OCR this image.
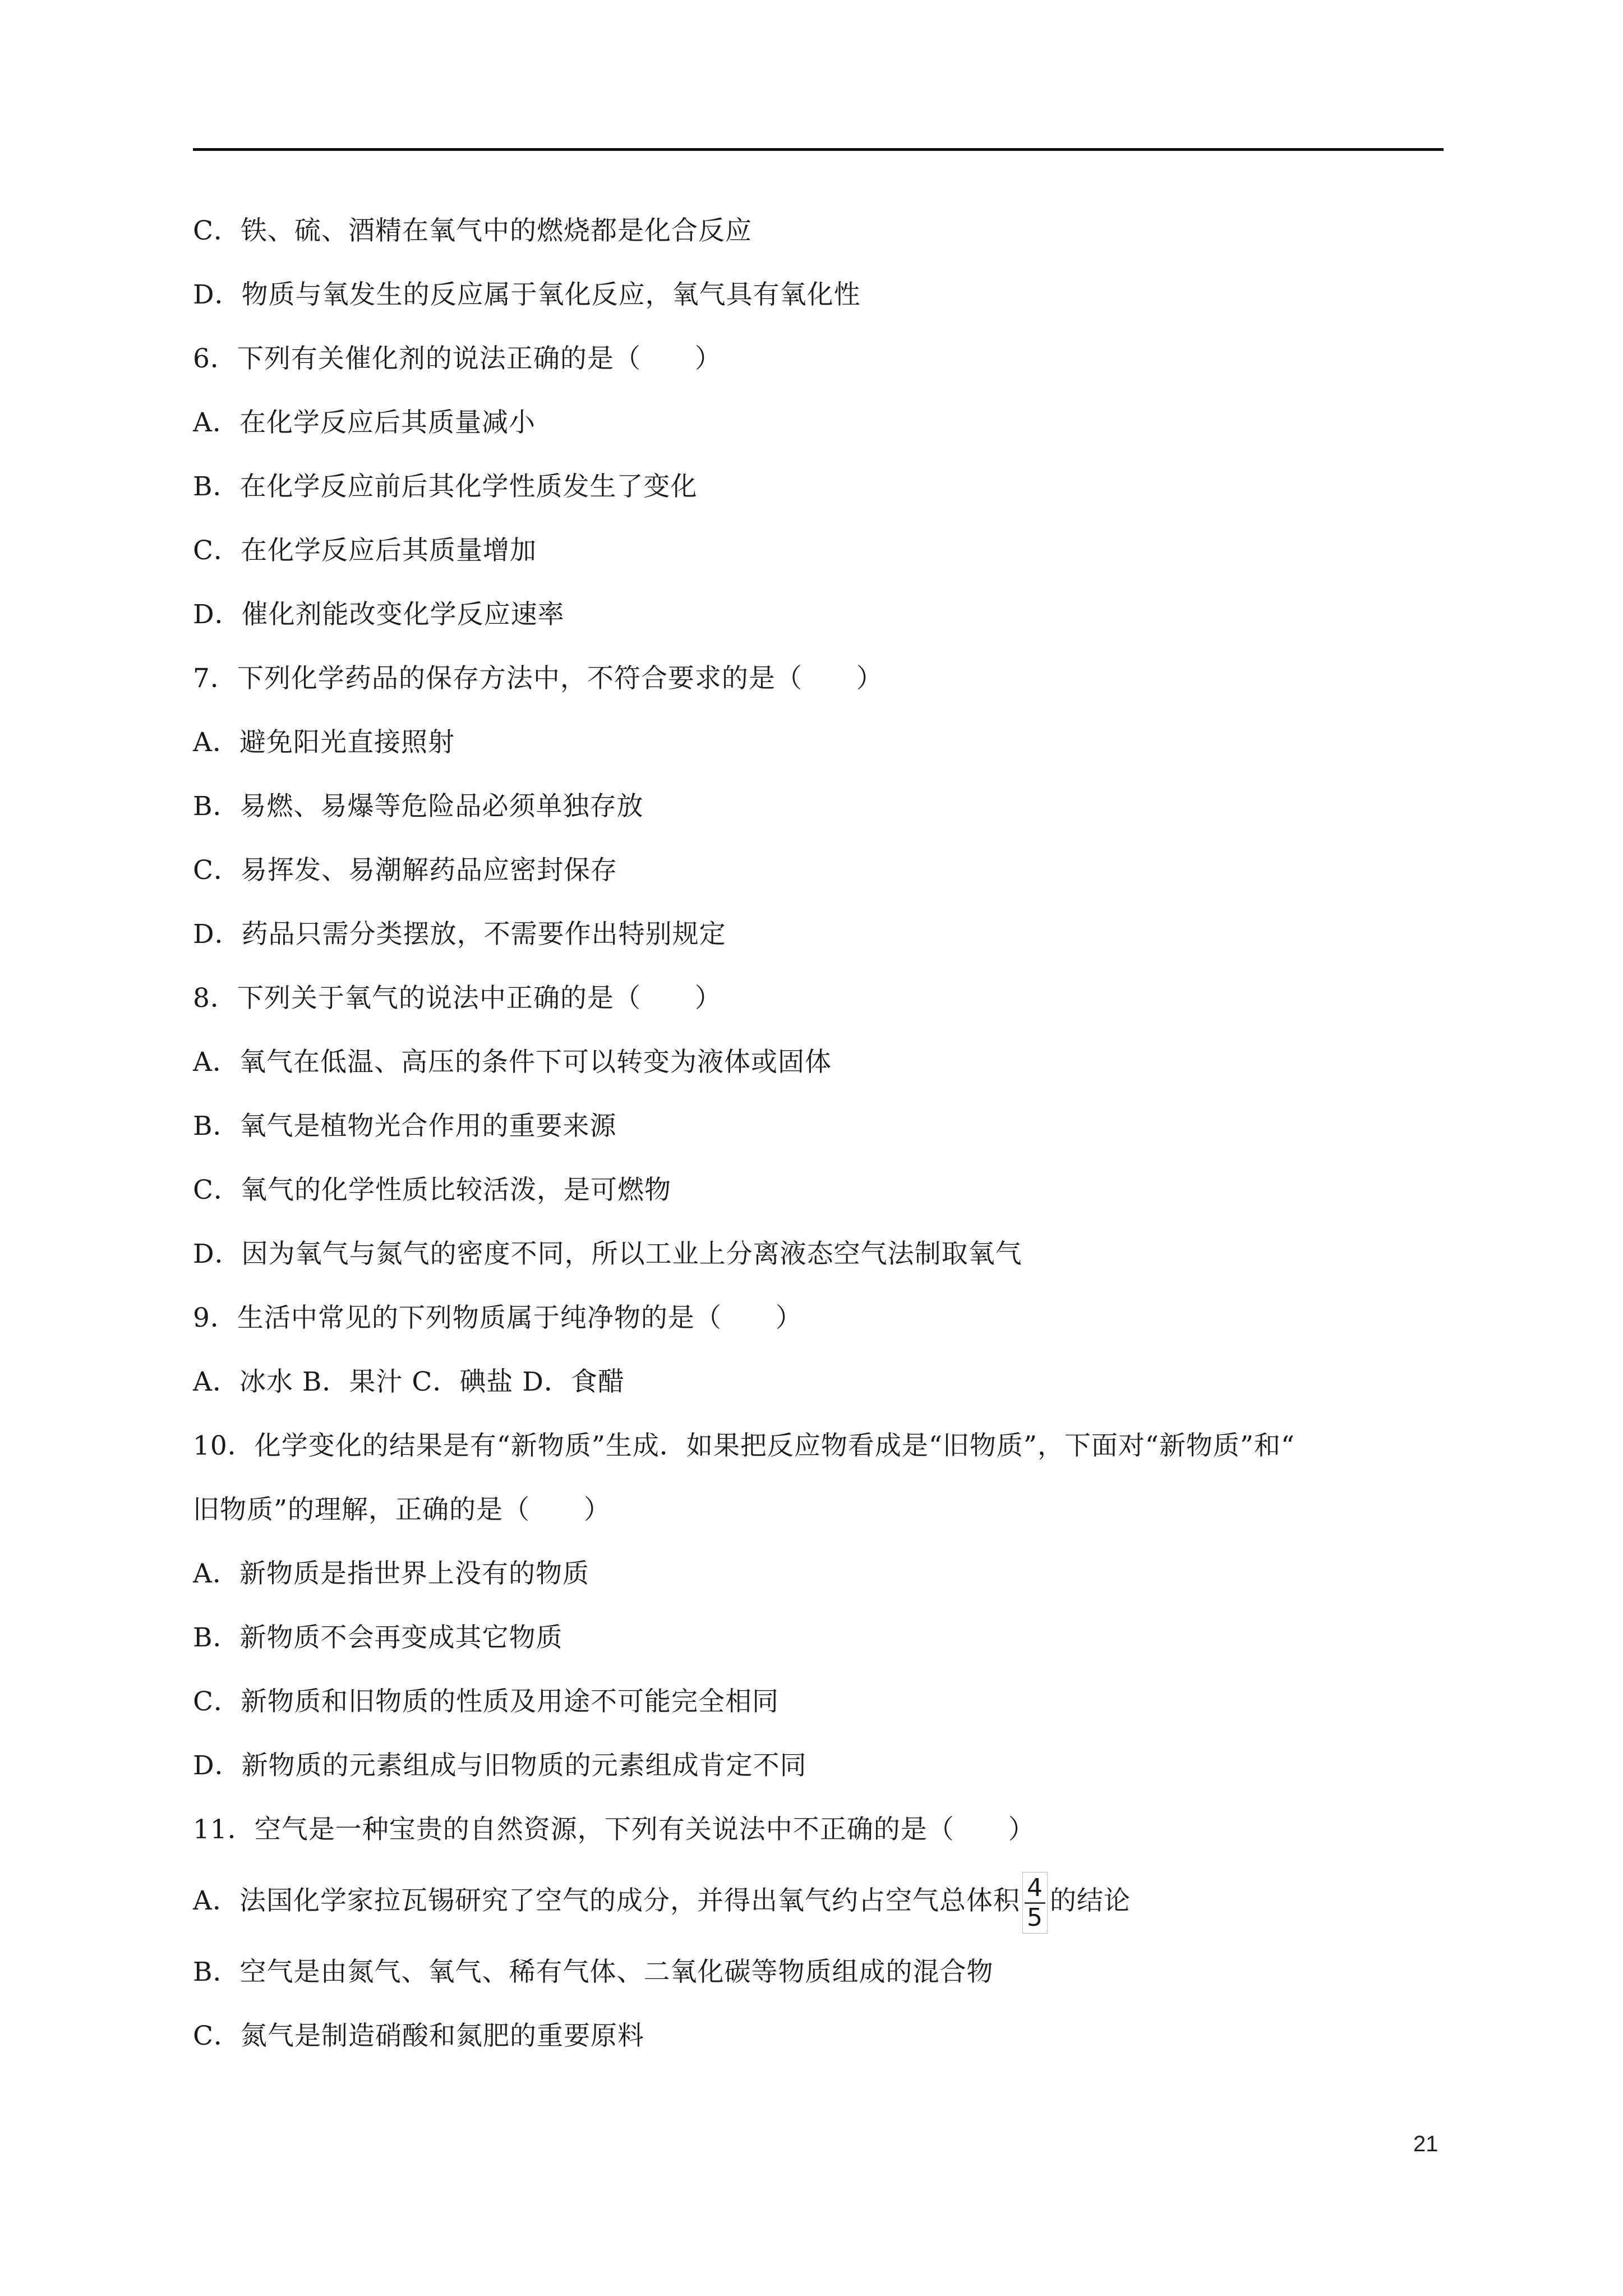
C．铁、硫、酒精在氧气中的燃烧都是化合反应
D．物质与氧发生的反应属于氧化反应，氧气具有氧化性
6．下列有关催化剂的说法正确的是（　　）
A．在化学反应后其质量减小
B．在化学反应前后其化学性质发生了变化
C．在化学反应后其质量增加
D．催化剂能改变化学反应速率
7．下列化学药品的保存方法中，不符合要求的是（　　）
A．避免阳光直接照射
B．易燃、易爆等危险品必须单独存放
C．易挥发、易潮解药品应密封保存
D．药品只需分类摆放，不需要作出特别规定
8．下列关于氧气的说法中正确的是（　　）
A．氧气在低温、高压的条件下可以转变为液体或固体
B．氧气是植物光合作用的重要来源
C．氧气的化学性质比较活泼，是可燃物
D．因为氧气与氮气的密度不同，所以工业上分离液态空气法制取氧气
9．生活中常见的下列物质属于纯净物的是（　　）
A．冰水 B．果汁 C．碘盐 D．食醋
10．化学变化的结果是有“新物质”生成．如果把反应物看成是“旧物质”，下面对“新物质”和“
旧物质”的理解，正确的是（　　）
A．新物质是指世界上没有的物质
B．新物质不会再变成其它物质
C．新物质和旧物质的性质及用途不可能完全相同
D．新物质的元素组成与旧物质的元素组成肯定不同
11．空气是一种宝贵的自然资源，下列有关说法中不正确的是（　　）
A．法国化学家拉瓦锡研究了空气的成分，并得出氧气约占空气总体积 $\frac{4}{5}$ 的结论
B．空气是由氮气、氧气、稀有气体、二氧化碳等物质组成的混合物
C．氮气是制造硝酸和氮肥的重要原料
21
